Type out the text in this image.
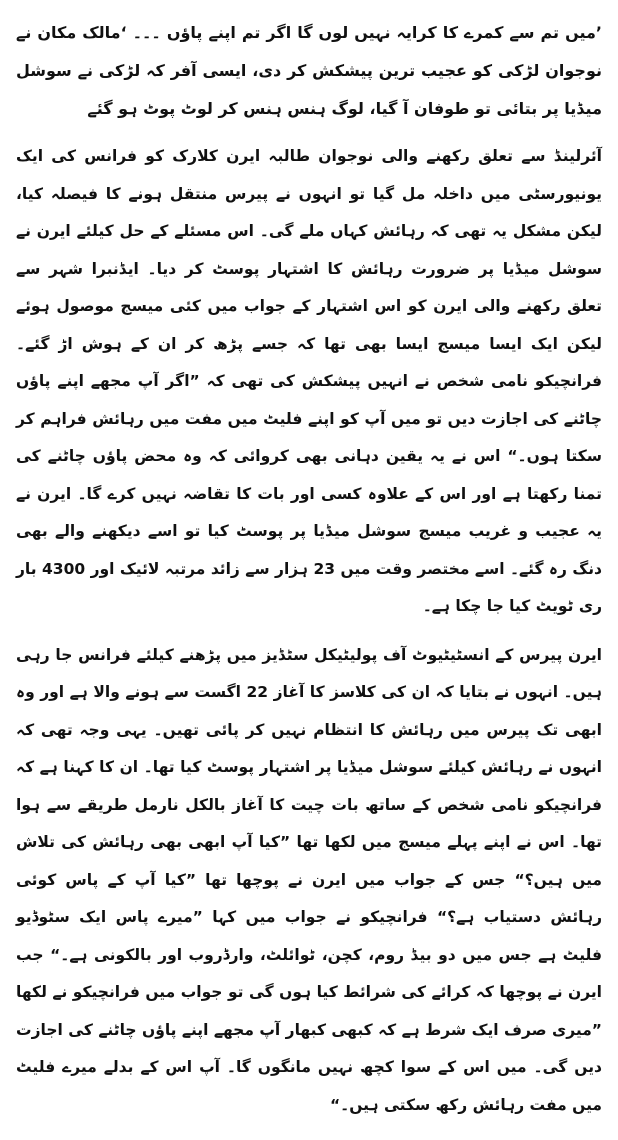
’میں تم سے کمرے کا کرایہ نہیں لوں گا اگر تم اپنے پاؤں ۔۔۔ ‘مالک مکان نے نوجوان لڑکی کو عجیب ترین پیشکش کر دی، ایسی آفر کہ لڑکی نے سوشل میڈیا پر بتائی تو طوفان آ گیا، لوگ ہنس ہنس کر لوٹ پوٹ ہو گئے

آئرلینڈ سے تعلق رکھنے والی نوجوان طالبہ ایرن کلارک کو فرانس کی ایک یونیورسٹی میں داخلہ مل گیا تو انہوں نے پیرس منتقل ہونے کا فیصلہ کیا، لیکن مشکل یہ تھی کہ رہائش کہاں ملے گی۔ اس مسئلے کے حل کیلئے ایرن نے سوشل میڈیا پر ضرورت رہائش کا اشتہار پوسٹ کر دیا۔ ایڈنبرا شہر سے تعلق رکھنے والی ایرن کو اس اشتہار کے جواب میں کئی میسج موصول ہوئے لیکن ایک ایسا میسج ایسا بھی تھا کہ جسے پڑھ کر ان کے ہوش اڑ گئے۔ فرانچیکو نامی شخص نے انہیں پیشکش کی تھی کہ ”اگر آپ مجھے اپنے پاؤں چاٹنے کی اجازت دیں تو میں آپ کو اپنے فلیٹ میں مفت میں رہائش فراہم کر سکتا ہوں۔“ اس نے یہ یقین دہانی بھی کروائی کہ وہ محض پاؤں چاٹنے کی تمنا رکھتا ہے اور اس کے علاوہ کسی اور بات کا تقاضہ نہیں کرے گا۔ ایرن نے یہ عجیب و غریب میسج سوشل میڈیا پر پوسٹ کیا تو اسے دیکھنے والے بھی دنگ رہ گئے۔ اسے مختصر وقت میں 23 ہزار سے زائد مرتبہ لائیک اور 4300 بار ری ٹویٹ کیا جا چکا ہے۔

ایرن پیرس کے انسٹیٹیوٹ آف پولیٹیکل سٹڈیز میں پڑھنے کیلئے فرانس جا رہی ہیں۔ انہوں نے بتایا کہ ان کی کلاسز کا آغاز 22 اگست سے ہونے والا ہے اور وہ ابھی تک پیرس میں رہائش کا انتظام نہیں کر پائی تھیں۔ یہی وجہ تھی کہ انہوں نے رہائش کیلئے سوشل میڈیا پر اشتہار پوسٹ کیا تھا۔ ان کا کہنا ہے کہ فرانچیکو نامی شخص کے ساتھ بات چیت کا آغاز بالکل نارمل طریقے سے ہوا تھا۔ اس نے اپنے پہلے میسج میں لکھا تھا ”کیا آپ ابھی بھی رہائش کی تلاش میں ہیں؟“ جس کے جواب میں ایرن نے پوچھا تھا ”کیا آپ کے پاس کوئی رہائش دستیاب ہے؟“ فرانچیکو نے جواب میں کہا ”میرے پاس ایک سٹوڈیو فلیٹ ہے جس میں دو بیڈ روم، کچن، ٹوائلٹ، وارڈروب اور بالکونی ہے۔“ جب ایرن نے پوچھا کہ کرائے کی شرائط کیا ہوں گی تو جواب میں فرانچیکو نے لکھا ”میری صرف ایک شرط ہے کہ کبھی کبھار آپ مجھے اپنے پاؤں چاٹنے کی اجازت دیں گی۔ میں اس کے سوا کچھ نہیں مانگوں گا۔ آپ اس کے بدلے میرے فلیٹ میں مفت رہائش رکھ سکتی ہیں۔“
